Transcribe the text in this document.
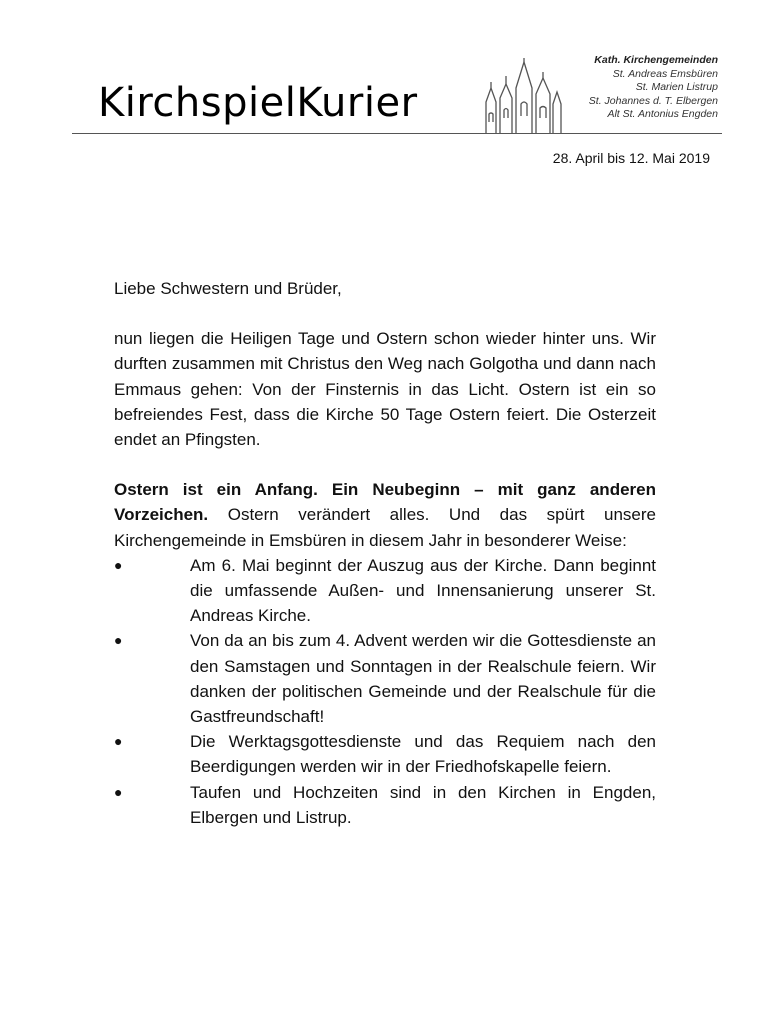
KirchspielKurier
Kath. Kirchengemeinden
St. Andreas Emsbüren
St. Marien Listrup
St. Johannes d. T. Elbergen
Alt St. Antonius Engden
28. April bis 12. Mai 2019

Liebe Schwestern und Brüder,

nun liegen die Heiligen Tage und Ostern schon wieder hinter uns. Wir durften zusammen mit Christus den Weg nach Golgotha und dann nach Emmaus gehen: Von der Finsternis in das Licht. Ostern ist ein so befreiendes Fest, dass die Kirche 50 Tage Ostern feiert. Die Osterzeit endet an Pfingsten.

Ostern ist ein Anfang. Ein Neubeginn – mit ganz anderen Vorzeichen. Ostern verändert alles. Und das spürt unsere Kirchengemeinde in Emsbüren in diesem Jahr in besonderer Weise:

●	Am 6. Mai beginnt der Auszug aus der Kirche. Dann beginnt die umfassende Außen- und Innensanierung unserer St. Andreas Kirche.
●	Von da an bis zum 4. Advent werden wir die Gottesdienste an den Samstagen und Sonntagen in der Realschule feiern. Wir danken der politischen Gemeinde und der Realschule für die Gastfreundschaft!
●	Die Werktagsgottesdienste und das Requiem nach den Beerdigungen werden wir in der Friedhofskapelle feiern.
●	Taufen und Hochzeiten sind in den Kirchen in Engden, Elbergen und Listrup.
